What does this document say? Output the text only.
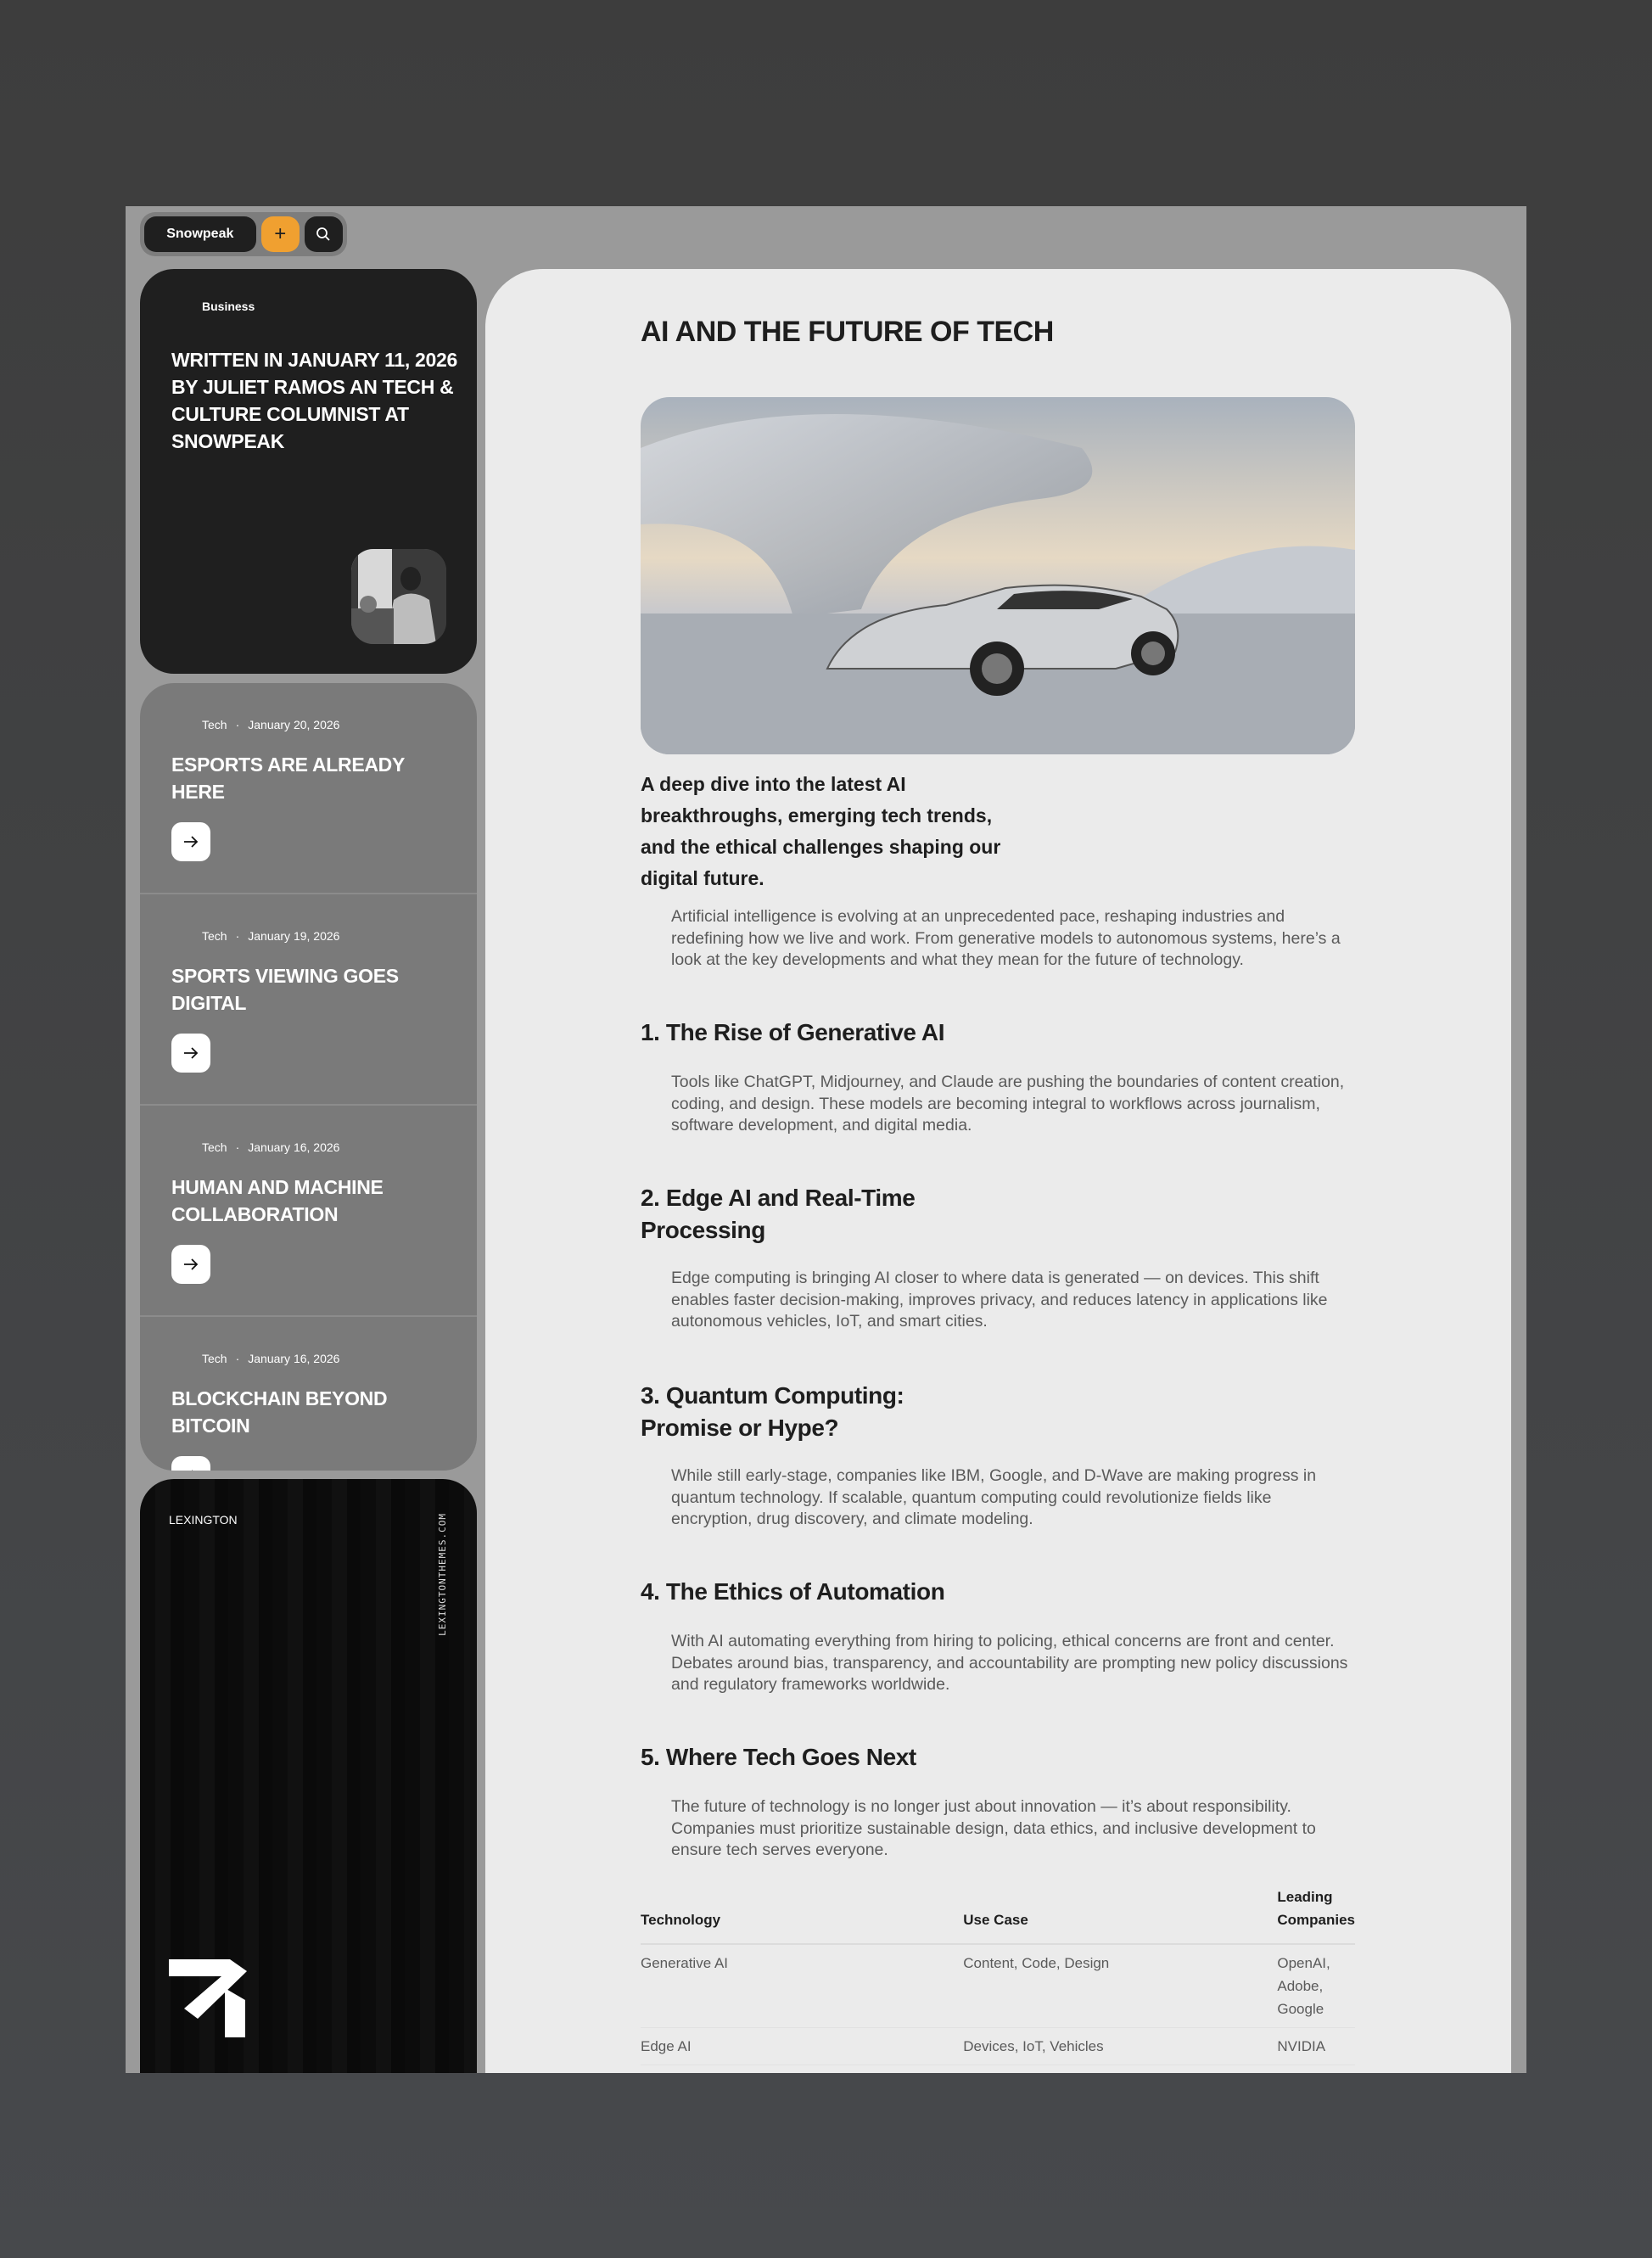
Snowpeak	+
Business
WRITTEN IN JANUARY 11, 2026 BY JULIET RAMOS AN TECH & CULTURE COLUMNIST AT SNOWPEAK
Tech · January 20, 2026
ESPORTS ARE ALREADY HERE
Tech · January 19, 2026
SPORTS VIEWING GOES DIGITAL
Tech · January 16, 2026
HUMAN AND MACHINE COLLABORATION
Tech · January 16, 2026
BLOCKCHAIN BEYOND BITCOIN
LEXINGTON	LEXINGTONTHEMES.COM
AI AND THE FUTURE OF TECH
A deep dive into the latest AI breakthroughs, emerging tech trends, and the ethical challenges shaping our digital future.

Artificial intelligence is evolving at an unprecedented pace, reshaping industries and redefining how we live and work. From generative models to autonomous systems, here’s a look at the key developments and what they mean for the future of technology.

1. The Rise of Generative AI

Tools like ChatGPT, Midjourney, and Claude are pushing the boundaries of content creation, coding, and design. These models are becoming integral to workflows across journalism, software development, and digital media.

2. Edge AI and Real-Time Processing

Edge computing is bringing AI closer to where data is generated — on devices. This shift enables faster decision-making, improves privacy, and reduces latency in applications like autonomous vehicles, IoT, and smart cities.

3. Quantum Computing: Promise or Hype?

While still early-stage, companies like IBM, Google, and D-Wave are making progress in quantum technology. If scalable, quantum computing could revolutionize fields like encryption, drug discovery, and climate modeling.

4. The Ethics of Automation

With AI automating everything from hiring to policing, ethical concerns are front and center. Debates around bias, transparency, and accountability are prompting new policy discussions and regulatory frameworks worldwide.

5. Where Tech Goes Next

The future of technology is no longer just about innovation — it’s about responsibility. Companies must prioritize sustainable design, data ethics, and inclusive development to ensure tech serves everyone.

Technology	Use Case	Leading Companies
Generative AI	Content, Code, Design	OpenAI, Adobe, Google
Edge AI	Devices, IoT, Vehicles	NVIDIA
